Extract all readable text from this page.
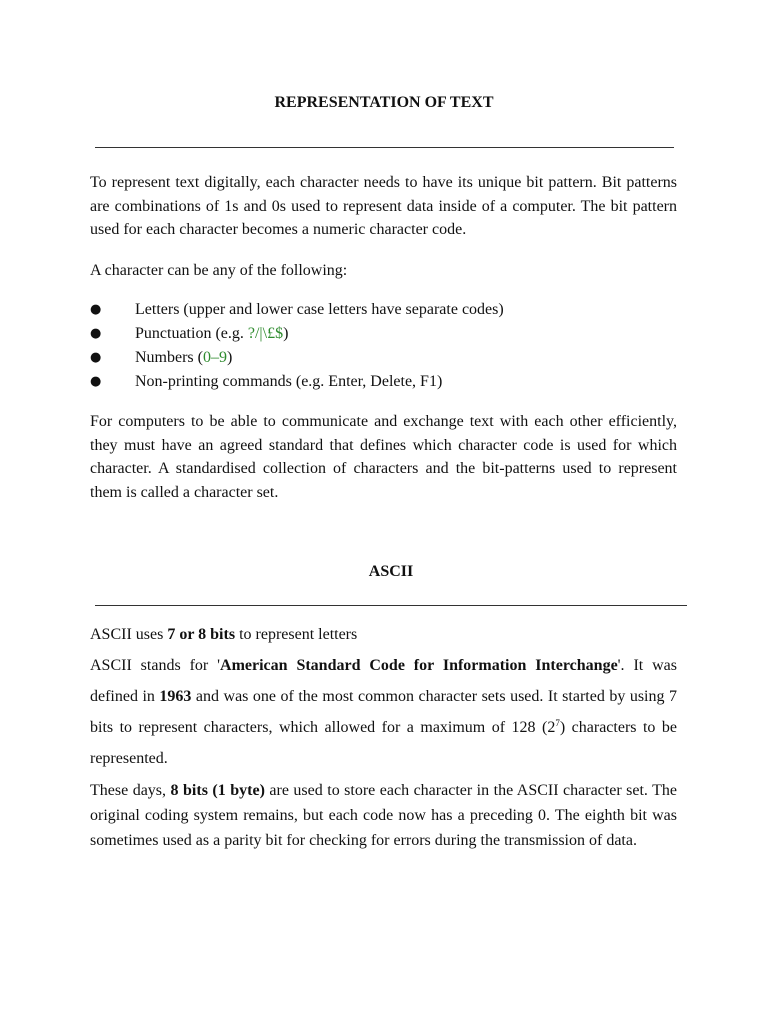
REPRESENTATION OF TEXT
To represent text digitally, each character needs to have its unique bit pattern. Bit patterns are combinations of 1s and 0s used to represent data inside of a computer. The bit pattern used for each character becomes a numeric character code.
A character can be any of the following:
● Letters (upper and lower case letters have separate codes)
● Punctuation (e.g. ?/|\£$)
● Numbers (0–9)
● Non-printing commands (e.g. Enter, Delete, F1)
For computers to be able to communicate and exchange text with each other efficiently, they must have an agreed standard that defines which character code is used for which character. A standardised collection of characters and the bit-patterns used to represent them is called a character set.
ASCII
ASCII uses 7 or 8 bits to represent letters
ASCII stands for 'American Standard Code for Information Interchange'. It was defined in 1963 and was one of the most common character sets used. It started by using 7 bits to represent characters, which allowed for a maximum of 128 $(2^7)$ characters to be represented.
These days, 8 bits (1 byte) are used to store each character in the ASCII character set. The original coding system remains, but each code now has a preceding 0. The eighth bit was sometimes used as a parity bit for checking for errors during the transmission of data.
